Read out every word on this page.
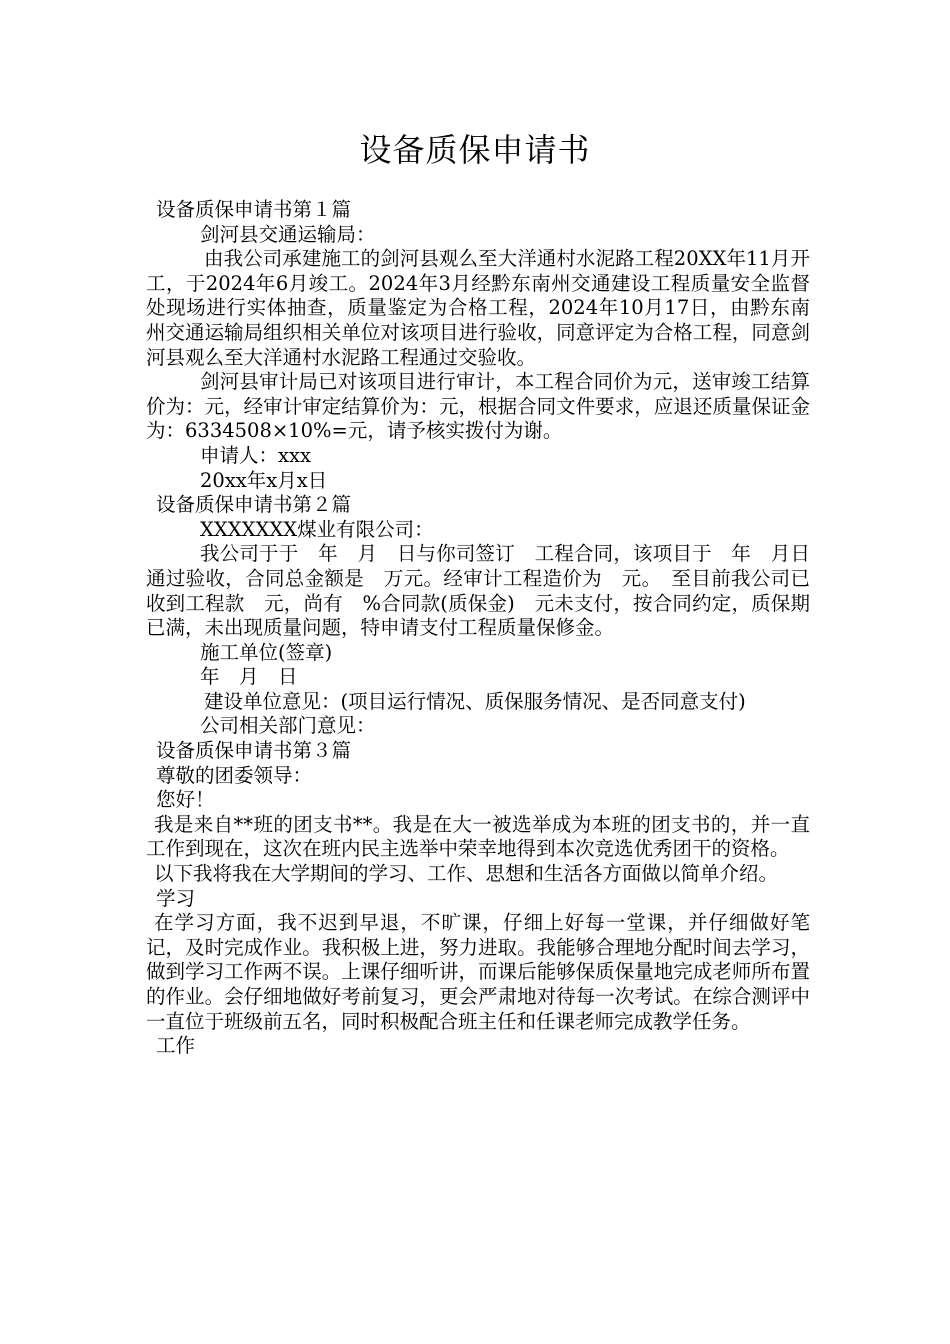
设备质保申请书
设备质保申请书第１篇
剑河县交通运输局：
由我公司承建施工的剑河县观么至大洋通村水泥路工程20XX年11月开工，于2024年6月竣工。2024年3月经黔东南州交通建设工程质量安全监督处现场进行实体抽查，质量鉴定为合格工程，2024年10月17日，由黔东南州交通运输局组织相关单位对该项目进行验收，同意评定为合格工程，同意剑河县观么至大洋通村水泥路工程通过交验收。
剑河县审计局已对该项目进行审计，本工程合同价为元，送审竣工结算价为：元，经审计审定结算价为：元，根据合同文件要求，应退还质量保证金为：6334508×10%=元，请予核实拨付为谢。
申请人：xxx
20xx年x月x日
设备质保申请书第２篇
XXXXXXX煤业有限公司：
我公司于于　年　月　日与你司签订　工程合同，该项目于　年　月日通过验收，合同总金额是　万元。经审计工程造价为　元。　至目前我公司已收到工程款　元，尚有　%合同款(质保金)　元未支付，按合同约定，质保期已满，未出现质量问题，特申请支付工程质量保修金。
施工单位(签章)
年　月　日
建设单位意见：(项目运行情况、质保服务情况、是否同意支付)
公司相关部门意见：
设备质保申请书第３篇
尊敬的团委领导：
您好！
我是来自**班的团支书**。我是在大一被选举成为本班的团支书的，并一直工作到现在，这次在班内民主选举中荣幸地得到本次竞选优秀团干的资格。
以下我将我在大学期间的学习、工作、思想和生活各方面做以简单介绍。
学习
在学习方面，我不迟到早退，不旷课，仔细上好每一堂课，并仔细做好笔记，及时完成作业。我积极上进，努力进取。我能够合理地分配时间去学习，做到学习工作两不误。上课仔细听讲，而课后能够保质保量地完成老师所布置的作业。会仔细地做好考前复习，更会严肃地对待每一次考试。在综合测评中一直位于班级前五名，同时积极配合班主任和任课老师完成教学任务。
工作
